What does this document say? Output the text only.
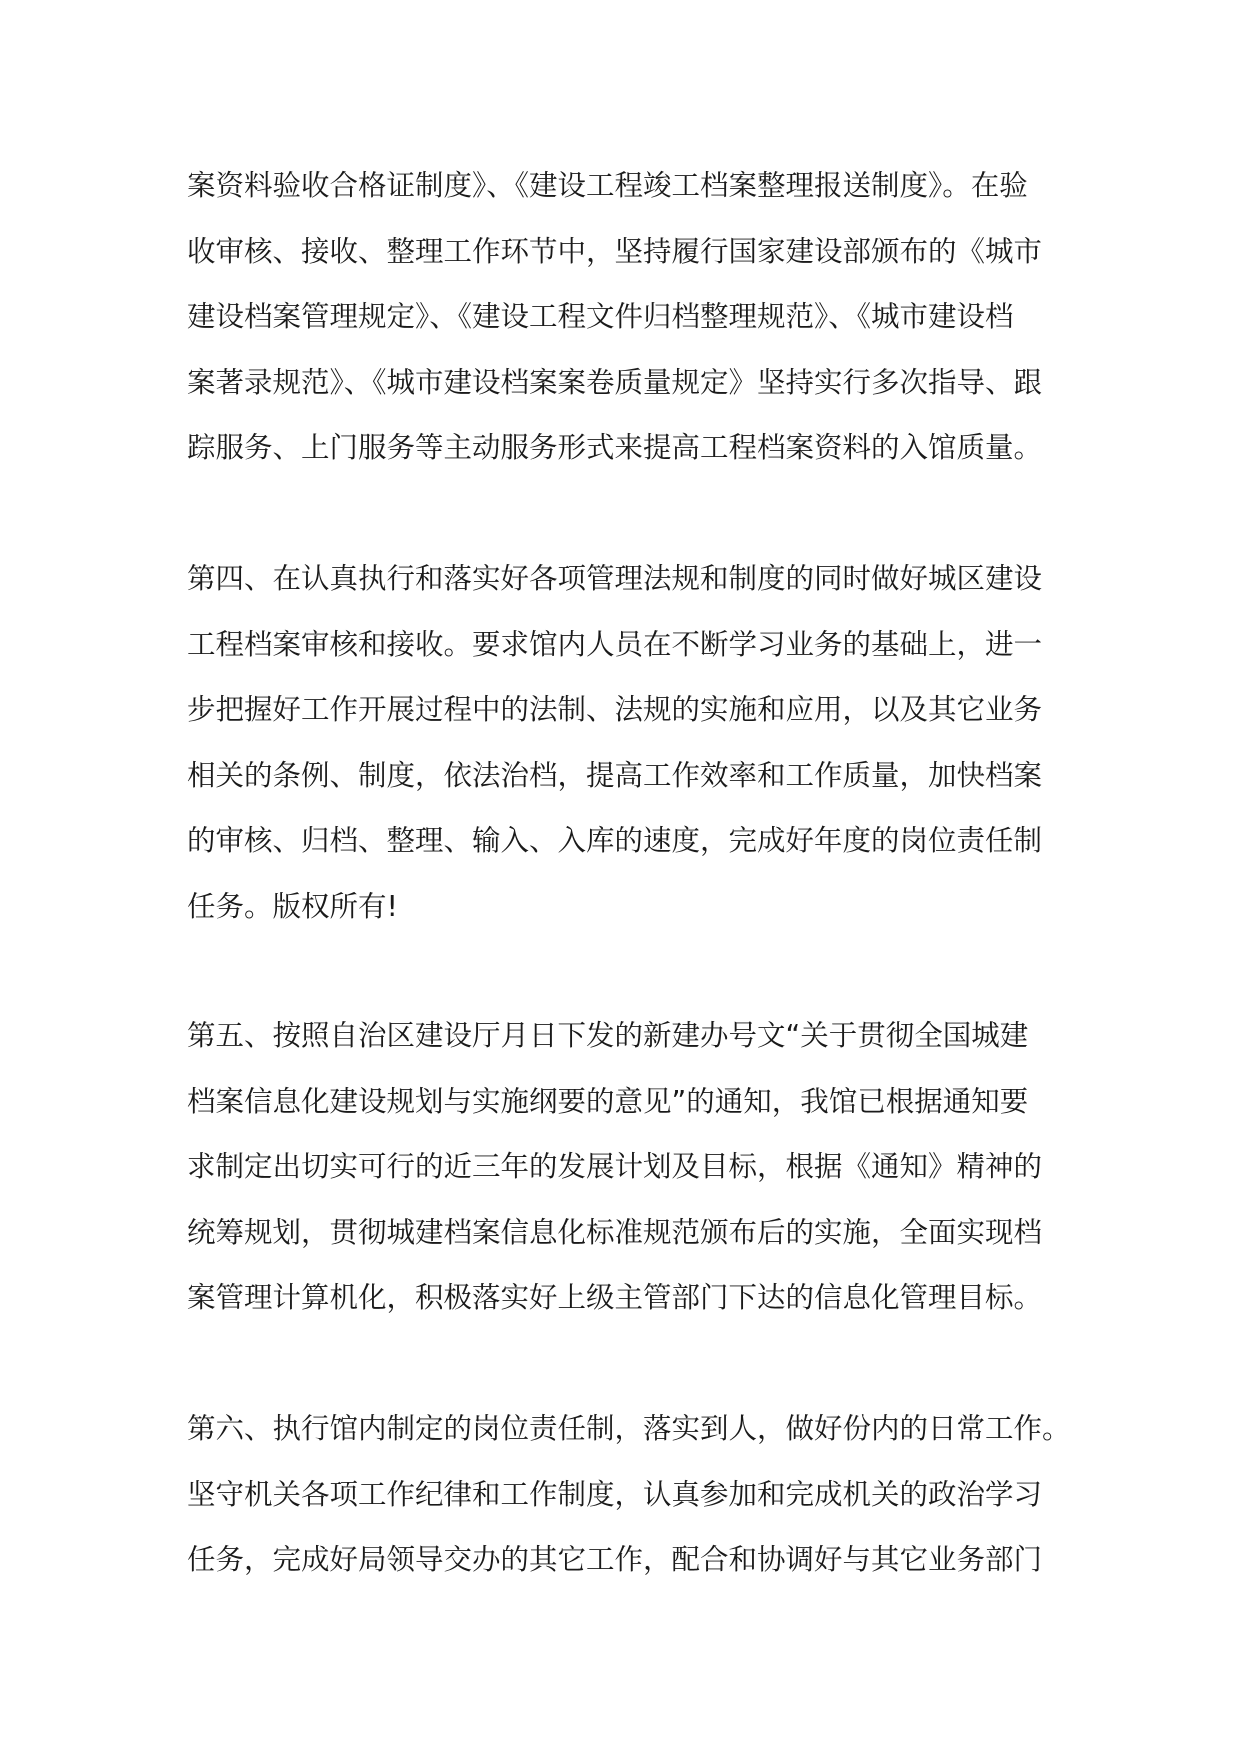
案资料验收合格证制度》、《建设工程竣工档案整理报送制度》。在验
收审核、接收、整理工作环节中，坚持履行国家建设部颁布的《城市
建设档案管理规定》、《建设工程文件归档整理规范》、《城市建设档
案著录规范》、《城市建设档案案卷质量规定》坚持实行多次指导、跟
踪服务、上门服务等主动服务形式来提高工程档案资料的入馆质量。
第四、在认真执行和落实好各项管理法规和制度的同时做好城区建设
工程档案审核和接收。要求馆内人员在不断学习业务的基础上，进一
步把握好工作开展过程中的法制、法规的实施和应用，以及其它业务
相关的条例、制度，依法治档，提高工作效率和工作质量，加快档案
的审核、归档、整理、输入、入库的速度，完成好年度的岗位责任制
任务。版权所有!
第五、按照自治区建设厅月日下发的新建办号文“关于贯彻全国城建
档案信息化建设规划与实施纲要的意见”的通知，我馆已根据通知要
求制定出切实可行的近三年的发展计划及目标，根据《通知》精神的
统筹规划，贯彻城建档案信息化标准规范颁布后的实施，全面实现档
案管理计算机化，积极落实好上级主管部门下达的信息化管理目标。
第六、执行馆内制定的岗位责任制，落实到人，做好份内的日常工作。
坚守机关各项工作纪律和工作制度，认真参加和完成机关的政治学习
任务，完成好局领导交办的其它工作，配合和协调好与其它业务部门
